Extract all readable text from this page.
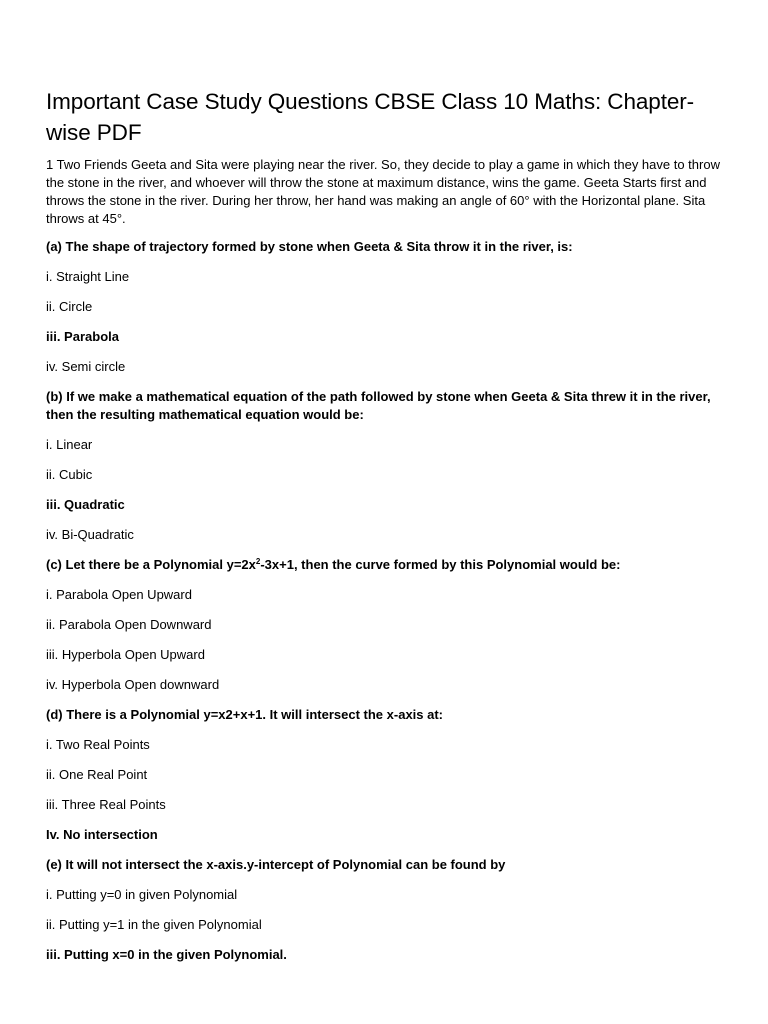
Important Case Study Questions CBSE Class 10 Maths: Chapter-wise PDF

1 Two Friends Geeta and Sita were playing near the river. So, they decide to play a game in which they have to throw the stone in the river, and whoever will throw the stone at maximum distance, wins the game. Geeta Starts first and throws the stone in the river. During her throw, her hand was making an angle of 60° with the Horizontal plane. Sita throws at 45°.

(a) The shape of trajectory formed by stone when Geeta & Sita throw it in the river, is:

i. Straight Line

ii. Circle

iii. Parabola

iv. Semi circle

(b) If we make a mathematical equation of the path followed by stone when Geeta & Sita threw it in the river, then the resulting mathematical equation would be:

i. Linear

ii. Cubic

iii. Quadratic

iv. Bi-Quadratic

(c) Let there be a Polynomial $y=2x^2-3x+1$, then the curve formed by this Polynomial would be:

i. Parabola Open Upward

ii. Parabola Open Downward

iii. Hyperbola Open Upward

iv. Hyperbola Open downward

(d) There is a Polynomial y=x2+x+1. It will intersect the x-axis at:

i. Two Real Points

ii. One Real Point

iii. Three Real Points

Iv. No intersection

(e) It will not intersect the x-axis.y-intercept of Polynomial can be found by

i. Putting y=0 in given Polynomial

ii. Putting y=1 in the given Polynomial

iii. Putting x=0 in the given Polynomial.
